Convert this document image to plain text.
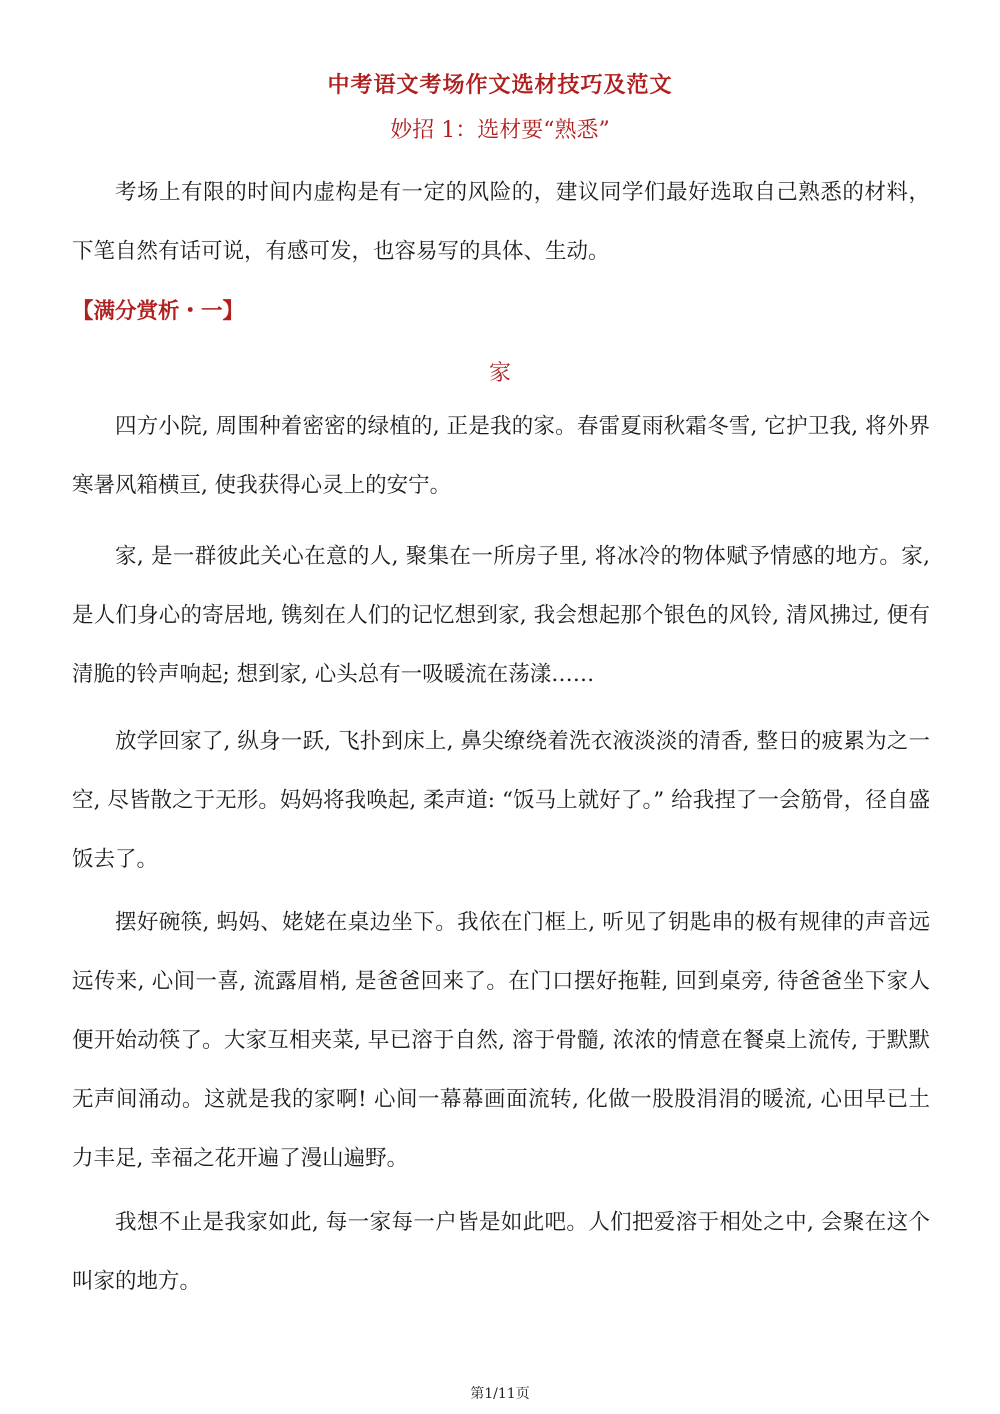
中考语文考场作文选材技巧及范文
妙招 1：选材要“熟悉”

考场上有限的时间内虚构是有一定的风险的，建议同学们最好选取自己熟悉的材料，下笔自然有话可说，有感可发，也容易写的具体、生动。

【满分赏析・一】
家

四方小院, 周围种着密密的绿植的, 正是我的家。春雷夏雨秋霜冬雪, 它护卫我, 将外界寒暑风箱横亘, 使我获得心灵上的安宁。

家, 是一群彼此关心在意的人, 聚集在一所房子里, 将冰冷的物体赋予情感的地方。家, 是人们身心的寄居地, 镌刻在人们的记忆想到家, 我会想起那个银色的风铃, 清风拂过, 便有清脆的铃声响起; 想到家, 心头总有一吸暖流在荡漾……

放学回家了, 纵身一跃, 飞扑到床上, 鼻尖缭绕着洗衣液淡淡的清香, 整日的疲累为之一空, 尽皆散之于无形。妈妈将我唤起, 柔声道: “饭马上就好了。” 给我捏了一会筋骨，径自盛饭去了。

摆好碗筷, 蚂妈、姥姥在桌边坐下。我依在门框上, 听见了钥匙串的极有规律的声音远远传来, 心间一喜, 流露眉梢, 是爸爸回来了。在门口摆好拖鞋, 回到桌旁, 待爸爸坐下家人便开始动筷了。大家互相夹菜, 早已溶于自然, 溶于骨髓, 浓浓的情意在餐桌上流传, 于默默无声间涌动。这就是我的家啊! 心间一幕幕画面流转, 化做一股股涓涓的暖流, 心田早已土力丰足, 幸福之花开遍了漫山遍野。

我想不止是我家如此, 每一家每一户皆是如此吧。人们把爱溶于相处之中, 会聚在这个叫家的地方。

第1/11页
